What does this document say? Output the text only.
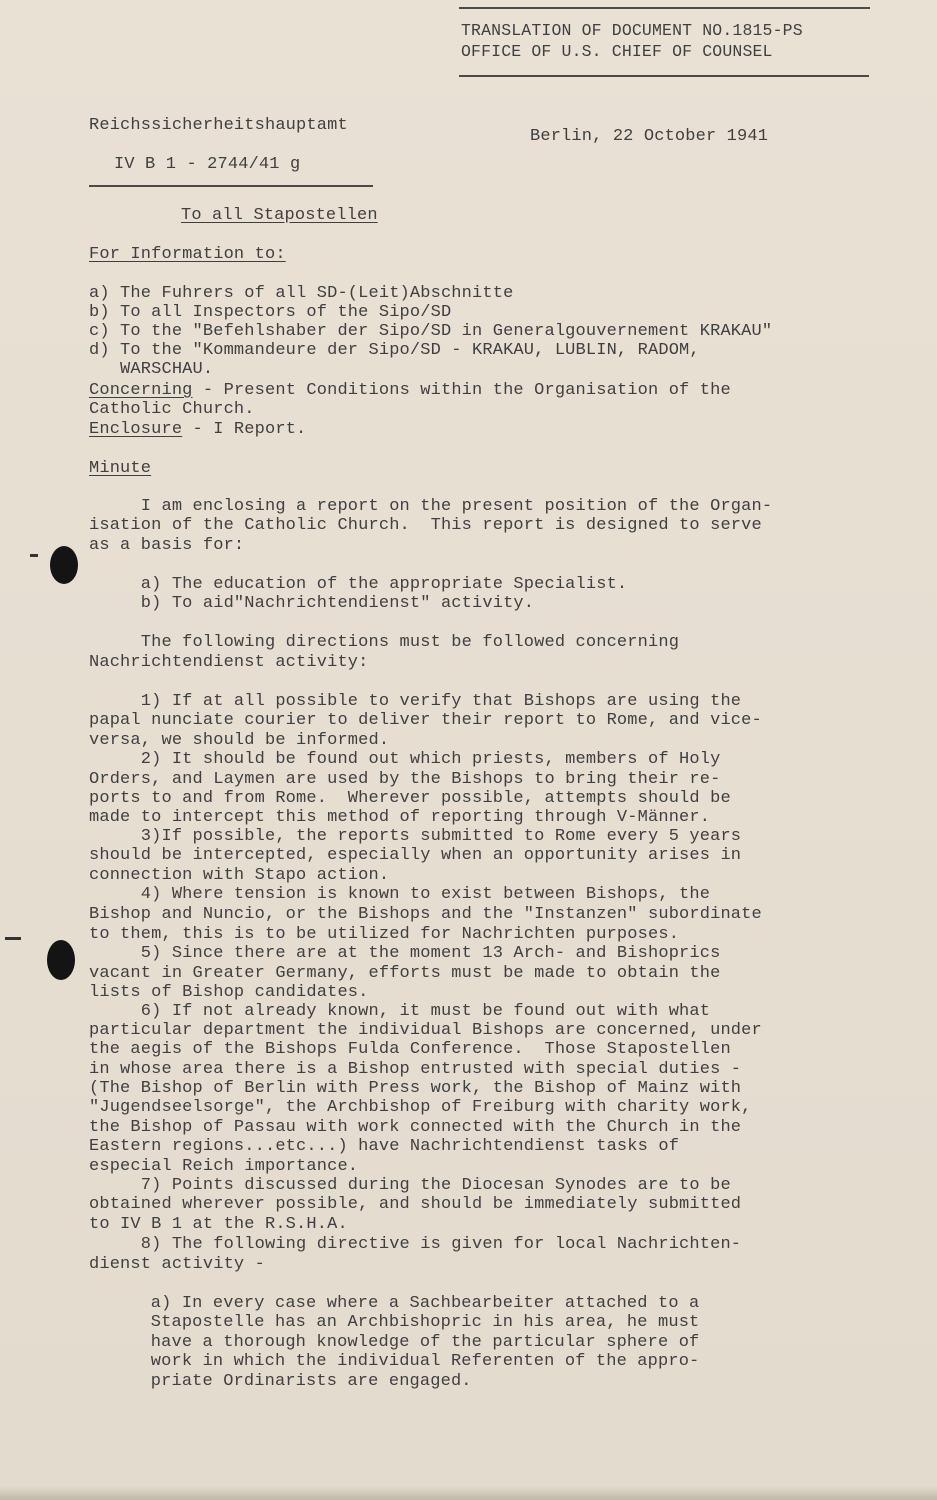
TRANSLATION OF DOCUMENT NO.1815-PS
OFFICE OF U.S. CHIEF OF COUNSEL
Reichssicherheitshauptamt
IV B 1 - 2744/41 g
Berlin, 22 October 1941
To all Stapostellen
For Information to:
a) The Fuhrers of all SD-(Leit)Abschnitte
b) To all Inspectors of the Sipo/SD
c) To the "Befehlshaber der Sipo/SD in Generalgouvernement KRAKAU"
d) To the "Kommandeure der Sipo/SD - KRAKAU, LUBLIN, RADOM,
WARSCHAU.
Concerning - Present Conditions within the Organisation of the
Catholic Church.
Enclosure - I Report.
Minute
I am enclosing a report on the present position of the Organ-
isation of the Catholic Church.  This report is designed to serve
as a basis for:
a) The education of the appropriate Specialist.
b) To aid"Nachrichtendienst" activity.
The following directions must be followed concerning
Nachrichtendienst activity:
1) If at all possible to verify that Bishops are using the
papal nunciate courier to deliver their report to Rome, and vice-
versa, we should be informed.
2) It should be found out which priests, members of Holy
Orders, and Laymen are used by the Bishops to bring their re-
ports to and from Rome.  Wherever possible, attempts should be
made to intercept this method of reporting through V-Männer.
3)If possible, the reports submitted to Rome every 5 years
should be intercepted, especially when an opportunity arises in
connection with Stapo action.
4) Where tension is known to exist between Bishops, the
Bishop and Nuncio, or the Bishops and the "Instanzen" subordinate
to them, this is to be utilized for Nachrichten purposes.
5) Since there are at the moment 13 Arch- and Bishoprics
vacant in Greater Germany, efforts must be made to obtain the
lists of Bishop candidates.
6) If not already known, it must be found out with what
particular department the individual Bishops are concerned, under
the aegis of the Bishops Fulda Conference.  Those Stapostellen
in whose area there is a Bishop entrusted with special duties -
(The Bishop of Berlin with Press work, the Bishop of Mainz with
"Jugendseelsorge", the Archbishop of Freiburg with charity work,
the Bishop of Passau with work connected with the Church in the
Eastern regions...etc...) have Nachrichtendienst tasks of
especial Reich importance.
7) Points discussed during the Diocesan Synodes are to be
obtained wherever possible, and should be immediately submitted
to IV B 1 at the R.S.H.A.
8) The following directive is given for local Nachrichten-
dienst activity -
a) In every case where a Sachbearbeiter attached to a
Stapostelle has an Archbishopric in his area, he must
have a thorough knowledge of the particular sphere of
work in which the individual Referenten of the appro-
priate Ordinarists are engaged.
